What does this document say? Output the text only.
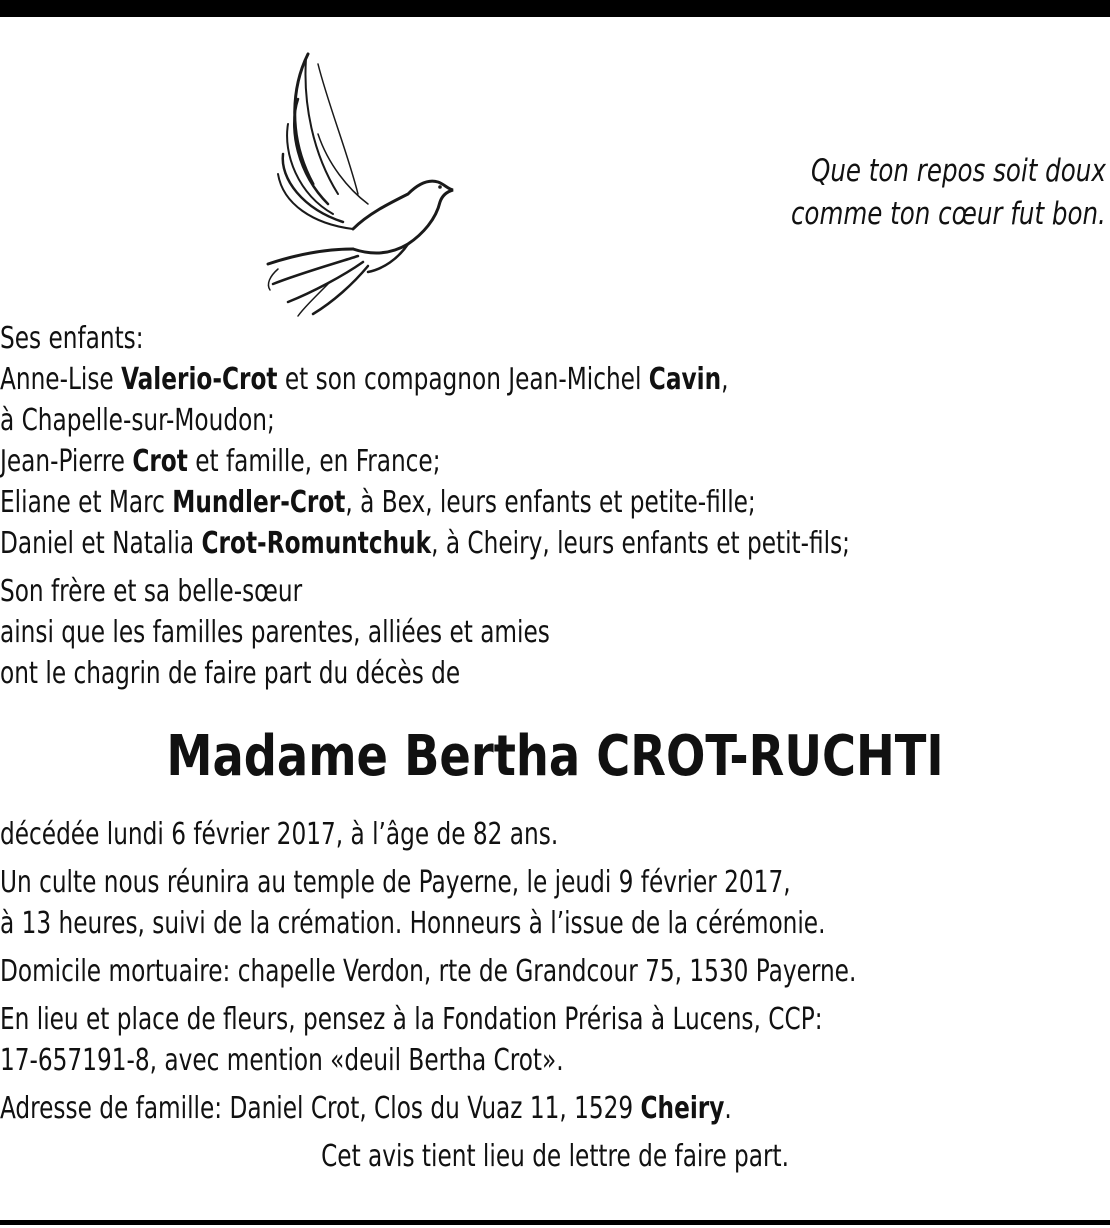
Que ton repos soit doux
comme ton cœur fut bon.
Ses enfants:
Anne-Lise Valerio-Crot et son compagnon Jean-Michel Cavin,
à Chapelle-sur-Moudon;
Jean-Pierre Crot et famille, en France;
Eliane et Marc Mundler-Crot, à Bex, leurs enfants et petite-fille;
Daniel et Natalia Crot-Romuntchuk, à Cheiry, leurs enfants et petit-fils;
Son frère et sa belle-sœur
ainsi que les familles parentes, alliées et amies
ont le chagrin de faire part du décès de
Madame Bertha CROT-RUCHTI
décédée lundi 6 février 2017, à l’âge de 82 ans.
Un culte nous réunira au temple de Payerne, le jeudi 9 février 2017,
à 13 heures, suivi de la crémation. Honneurs à l’issue de la cérémonie.
Domicile mortuaire: chapelle Verdon, rte de Grandcour 75, 1530 Payerne.
En lieu et place de fleurs, pensez à la Fondation Prérisa à Lucens, CCP:
17-657191-8, avec mention «deuil Bertha Crot».
Adresse de famille: Daniel Crot, Clos du Vuaz 11, 1529 Cheiry.
Cet avis tient lieu de lettre de faire part.
